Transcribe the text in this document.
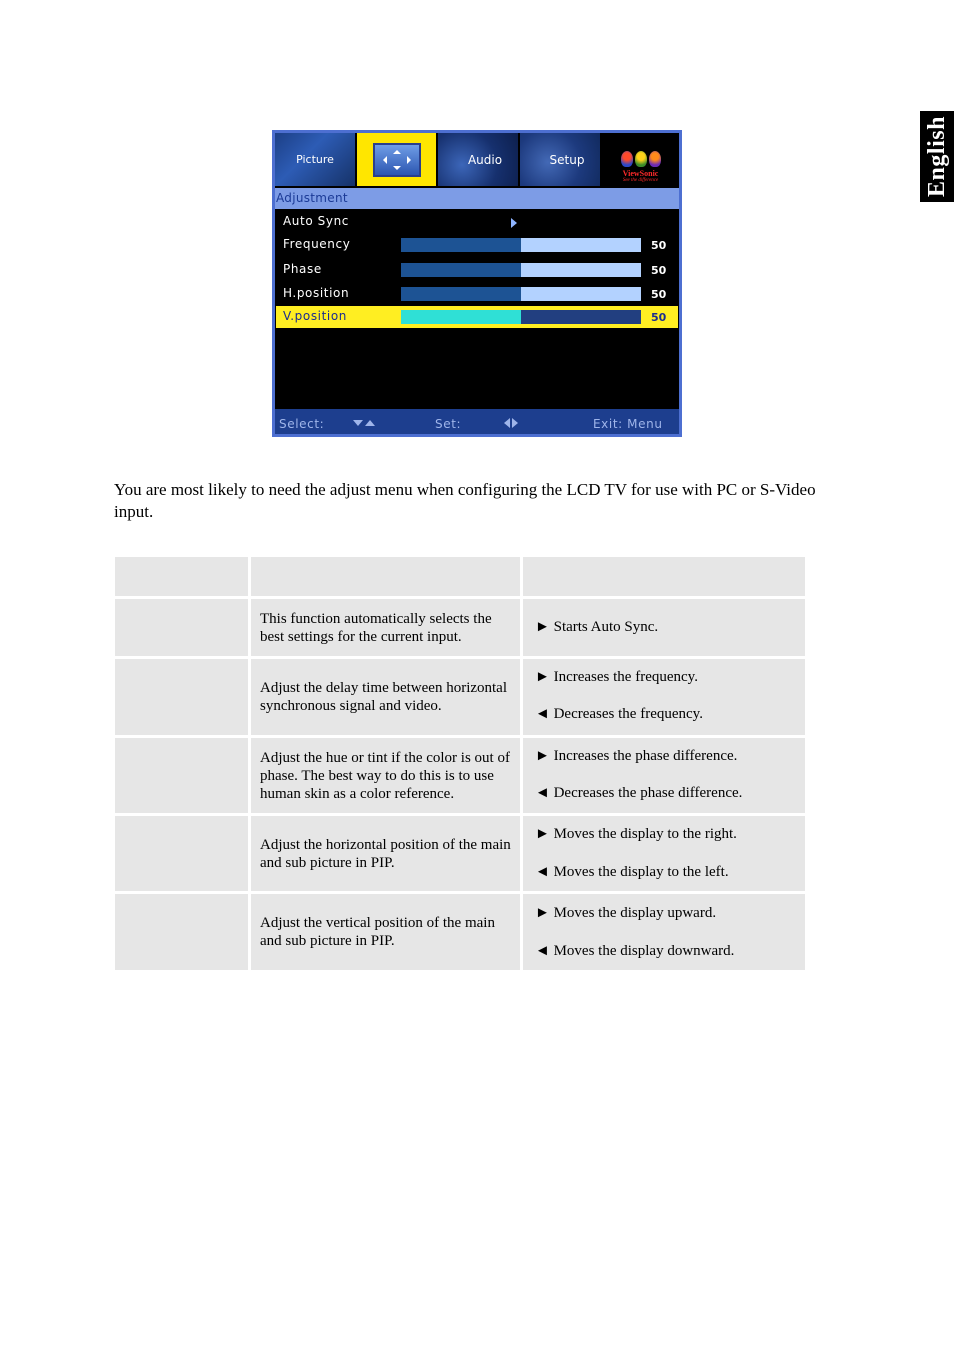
English
Picture	Audio	Setup
ViewSonic
See the difference
Adjustment
Auto Sync
Frequency	50
Phase	50
H.position	50
V.position	50
Select:	Set:	Exit: Menu

You are most likely to need the adjust menu when configuring the LCD TV for use with PC or S-Video input.

This function automatically selects the best settings for the current input.
► Starts Auto Sync.
Adjust the delay time between horizontal synchronous signal and video.
► Increases the frequency.
◄ Decreases the frequency.
Adjust the hue or tint if the color is out of phase. The best way to do this is to use human skin as a color reference.
► Increases the phase difference.
◄ Decreases the phase difference.
Adjust the horizontal position of the main and sub picture in PIP.
► Moves the display to the right.
◄ Moves the display to the left.
Adjust the vertical position of the main and sub picture in PIP.
► Moves the display upward.
◄ Moves the display downward.
